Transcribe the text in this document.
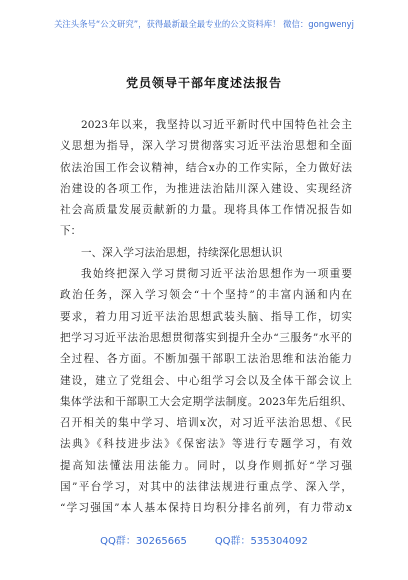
关注头条号“公文研究”，获得最新最全最专业的公文资料库！ 微信：gongwenyj
党员领导干部年度述法报告
2023年以来，我坚持以习近平新时代中国特色社会主
义思想为指导，深入学习贯彻落实习近平法治思想和全面
依法治国工作会议精神，结合x办的工作实际，全力做好法
治建设的各项工作，为推进法治陆川深入建设、实现经济
社会高质量发展贡献新的力量。现将具体工作情况报告如
下：
一、深入学习法治思想，持续深化思想认识
我始终把深入学习贯彻习近平法治思想作为一项重要
政治任务，深入学习领会“十个坚持”的丰富内涵和内在
要求，着力用习近平法治思想武装头脑、指导工作，切实
把学习习近平法治思想贯彻落实到提升全办“三服务”水平的
全过程、各方面。不断加强干部职工法治思维和法治能力
建设，建立了党组会、中心组学习会以及全体干部会议上
集体学法和干部职工大会定期学法制度。2023年先后组织、
召开相关的集中学习、培训x次，对习近平法治思想、《民
法典》《科技进步法》《保密法》等进行专题学习，有效
提高知法懂法用法能力。同时，以身作则抓好“学习强
国”平台学习，对其中的法律法规进行重点学、深入学，
“学习强国”本人基本保持日均积分排名前列，有力带动x
QQ群：30265665	QQ群：535304092
